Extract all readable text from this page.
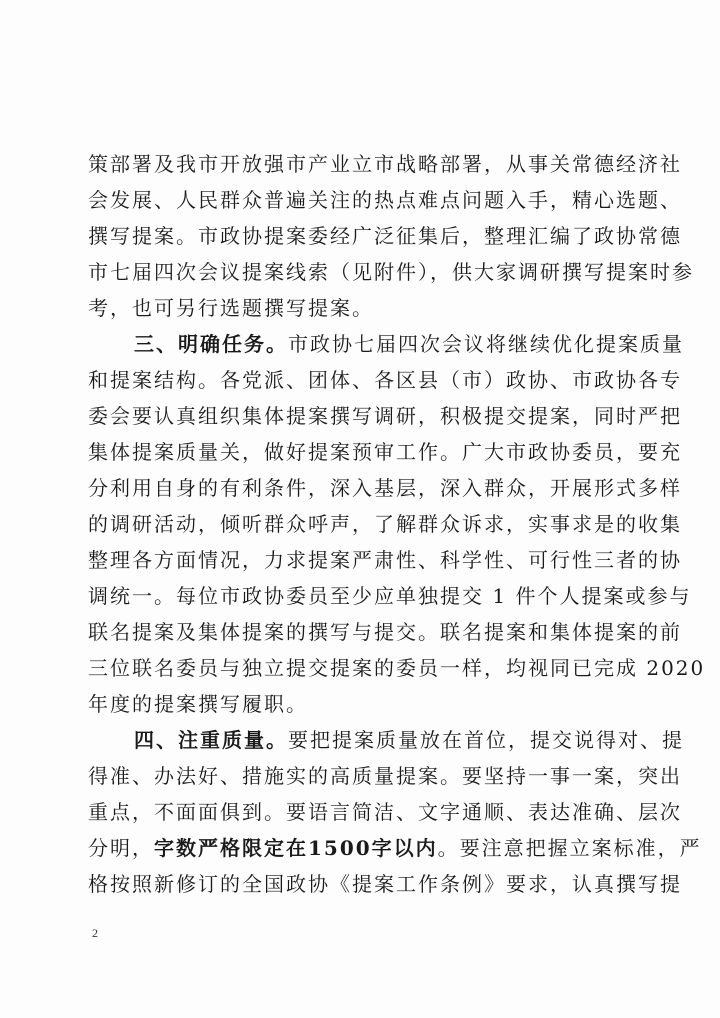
策部署及我市开放强市产业立市战略部署，从事关常德经济社
会发展、人民群众普遍关注的热点难点问题入手，精心选题、
撰写提案。市政协提案委经广泛征集后，整理汇编了政协常德
市七届四次会议提案线索（见附件），供大家调研撰写提案时参
考，也可另行选题撰写提案。
三、明确任务。市政协七届四次会议将继续优化提案质量
和提案结构。各党派、团体、各区县（市）政协、市政协各专
委会要认真组织集体提案撰写调研，积极提交提案，同时严把
集体提案质量关，做好提案预审工作。广大市政协委员，要充
分利用自身的有利条件，深入基层，深入群众，开展形式多样
的调研活动，倾听群众呼声，了解群众诉求，实事求是的收集
整理各方面情况，力求提案严肃性、科学性、可行性三者的协
调统一。每位市政协委员至少应单独提交 1 件个人提案或参与
联名提案及集体提案的撰写与提交。联名提案和集体提案的前
三位联名委员与独立提交提案的委员一样，均视同已完成 2020
年度的提案撰写履职。
四、注重质量。要把提案质量放在首位，提交说得对、提
得准、办法好、措施实的高质量提案。要坚持一事一案，突出
重点，不面面俱到。要语言简洁、文字通顺、表达准确、层次
分明，字数严格限定在1500字以内。要注意把握立案标准，严
格按照新修订的全国政协《提案工作条例》要求，认真撰写提
2
